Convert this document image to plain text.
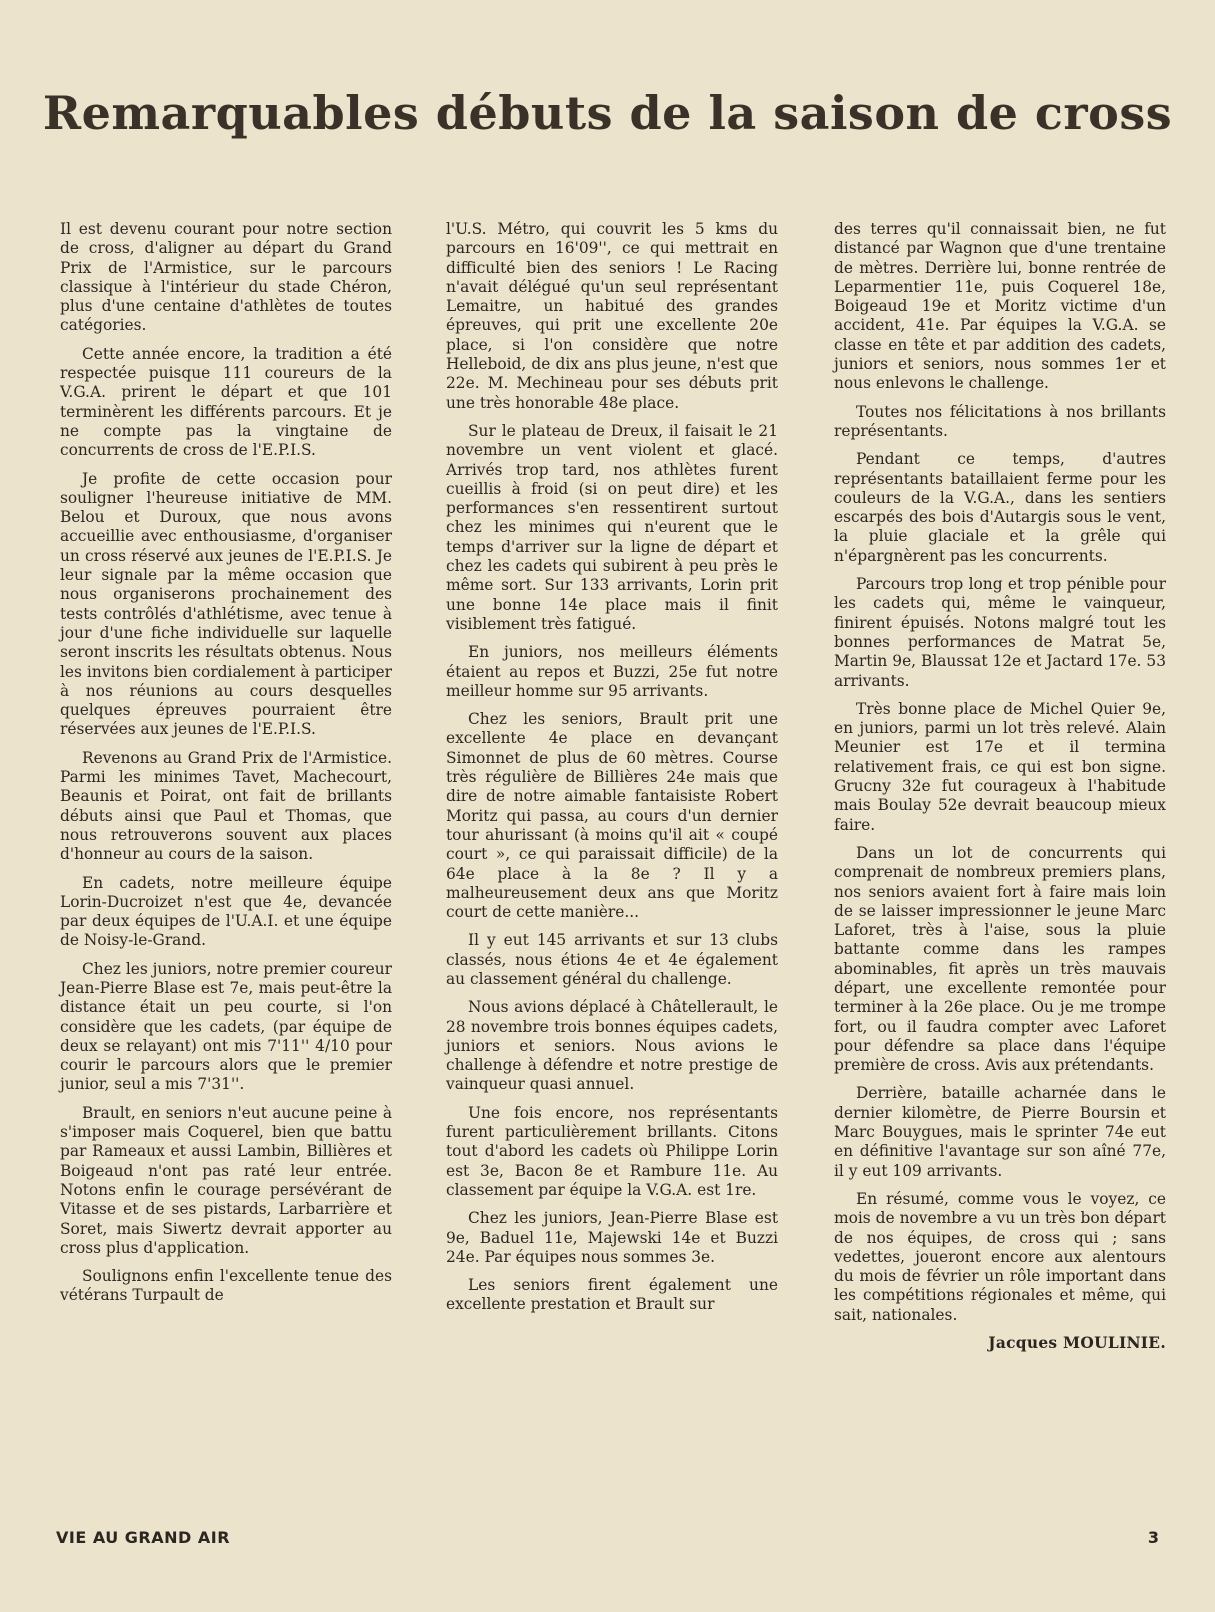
Remarquables débuts de la saison de cross

Il est devenu courant pour notre section de cross, d'aligner au départ du Grand Prix de l'Armistice, sur le parcours classique à l'intérieur du stade Chéron, plus d'une centaine d'athlètes de toutes catégories.

Cette année encore, la tradition a été respectée puisque 111 coureurs de la V.G.A. prirent le départ et que 101 terminèrent les différents parcours. Et je ne compte pas la vingtaine de concurrents de cross de l'E.P.I.S.

Je profite de cette occasion pour souligner l'heureuse initiative de MM. Belou et Duroux, que nous avons accueillie avec enthousiasme, d'organiser un cross réservé aux jeunes de l'E.P.I.S. Je leur signale par la même occasion que nous organiserons prochainement des tests contrôlés d'athlétisme, avec tenue à jour d'une fiche individuelle sur laquelle seront inscrits les résultats obtenus. Nous les invitons bien cordialement à participer à nos réunions au cours desquelles quelques épreuves pourraient être réservées aux jeunes de l'E.P.I.S.

Revenons au Grand Prix de l'Armistice. Parmi les minimes Tavet, Machecourt, Beaunis et Poirat, ont fait de brillants débuts ainsi que Paul et Thomas, que nous retrouverons souvent aux places d'honneur au cours de la saison.

En cadets, notre meilleure équipe Lorin-Ducroizet n'est que 4e, devancée par deux équipes de l'U.A.I. et une équipe de Noisy-le-Grand.

Chez les juniors, notre premier coureur Jean-Pierre Blase est 7e, mais peut-être la distance était un peu courte, si l'on considère que les cadets, (par équipe de deux se relayant) ont mis 7'11'' 4/10 pour courir le parcours alors que le premier junior, seul a mis 7'31''.

Brault, en seniors n'eut aucune peine à s'imposer mais Coquerel, bien que battu par Rameaux et aussi Lambin, Billières et Boigeaud n'ont pas raté leur entrée. Notons enfin le courage persévérant de Vitasse et de ses pistards, Larbarrière et Soret, mais Siwertz devrait apporter au cross plus d'application.

Soulignons enfin l'excellente tenue des vétérans Turpault de

l'U.S. Métro, qui couvrit les 5 kms du parcours en 16'09'', ce qui mettrait en difficulté bien des seniors ! Le Racing n'avait délégué qu'un seul représentant Lemaitre, un habitué des grandes épreuves, qui prit une excellente 20e place, si l'on considère que notre Helleboid, de dix ans plus jeune, n'est que 22e. M. Mechineau pour ses débuts prit une très honorable 48e place.

Sur le plateau de Dreux, il faisait le 21 novembre un vent violent et glacé. Arrivés trop tard, nos athlètes furent cueillis à froid (si on peut dire) et les performances s'en ressentirent surtout chez les minimes qui n'eurent que le temps d'arriver sur la ligne de départ et chez les cadets qui subirent à peu près le même sort. Sur 133 arrivants, Lorin prit une bonne 14e place mais il finit visiblement très fatigué.

En juniors, nos meilleurs éléments étaient au repos et Buzzi, 25e fut notre meilleur homme sur 95 arrivants.

Chez les seniors, Brault prit une excellente 4e place en devançant Simonnet de plus de 60 mètres. Course très régulière de Billières 24e mais que dire de notre aimable fantaisiste Robert Moritz qui passa, au cours d'un dernier tour ahurissant (à moins qu'il ait « coupé court », ce qui paraissait difficile) de la 64e place à la 8e ? Il y a malheureusement deux ans que Moritz court de cette manière...

Il y eut 145 arrivants et sur 13 clubs classés, nous étions 4e et 4e également au classement général du challenge.

Nous avions déplacé à Châtellerault, le 28 novembre trois bonnes équipes cadets, juniors et seniors. Nous avions le challenge à défendre et notre prestige de vainqueur quasi annuel.

Une fois encore, nos représentants furent particulièrement brillants. Citons tout d'abord les cadets où Philippe Lorin est 3e, Bacon 8e et Rambure 11e. Au classement par équipe la V.G.A. est 1re.

Chez les juniors, Jean-Pierre Blase est 9e, Baduel 11e, Majewski 14e et Buzzi 24e. Par équipes nous sommes 3e.

Les seniors firent également une excellente prestation et Brault sur

des terres qu'il connaissait bien, ne fut distancé par Wagnon que d'une trentaine de mètres. Derrière lui, bonne rentrée de Leparmentier 11e, puis Coquerel 18e, Boigeaud 19e et Moritz victime d'un accident, 41e. Par équipes la V.G.A. se classe en tête et par addition des cadets, juniors et seniors, nous sommes 1er et nous enlevons le challenge.

Toutes nos félicitations à nos brillants représentants.

Pendant ce temps, d'autres représentants bataillaient ferme pour les couleurs de la V.G.A., dans les sentiers escarpés des bois d'Autargis sous le vent, la pluie glaciale et la grêle qui n'épargnèrent pas les concurrents.

Parcours trop long et trop pénible pour les cadets qui, même le vainqueur, finirent épuisés. Notons malgré tout les bonnes performances de Matrat 5e, Martin 9e, Blaussat 12e et Jactard 17e. 53 arrivants.

Très bonne place de Michel Quier 9e, en juniors, parmi un lot très relevé. Alain Meunier est 17e et il termina relativement frais, ce qui est bon signe. Grucny 32e fut courageux à l'habitude mais Boulay 52e devrait beaucoup mieux faire.

Dans un lot de concurrents qui comprenait de nombreux premiers plans, nos seniors avaient fort à faire mais loin de se laisser impressionner le jeune Marc Laforet, très à l'aise, sous la pluie battante comme dans les rampes abominables, fit après un très mauvais départ, une excellente remontée pour terminer à la 26e place. Ou je me trompe fort, ou il faudra compter avec Laforet pour défendre sa place dans l'équipe première de cross. Avis aux prétendants.

Derrière, bataille acharnée dans le dernier kilomètre, de Pierre Boursin et Marc Bouygues, mais le sprinter 74e eut en définitive l'avantage sur son aîné 77e, il y eut 109 arrivants.

En résumé, comme vous le voyez, ce mois de novembre a vu un très bon départ de nos équipes, de cross qui ; sans vedettes, joueront encore aux alentours du mois de février un rôle important dans les compétitions régionales et même, qui sait, nationales.

Jacques MOULINIE.

VIE AU GRAND AIR	3
